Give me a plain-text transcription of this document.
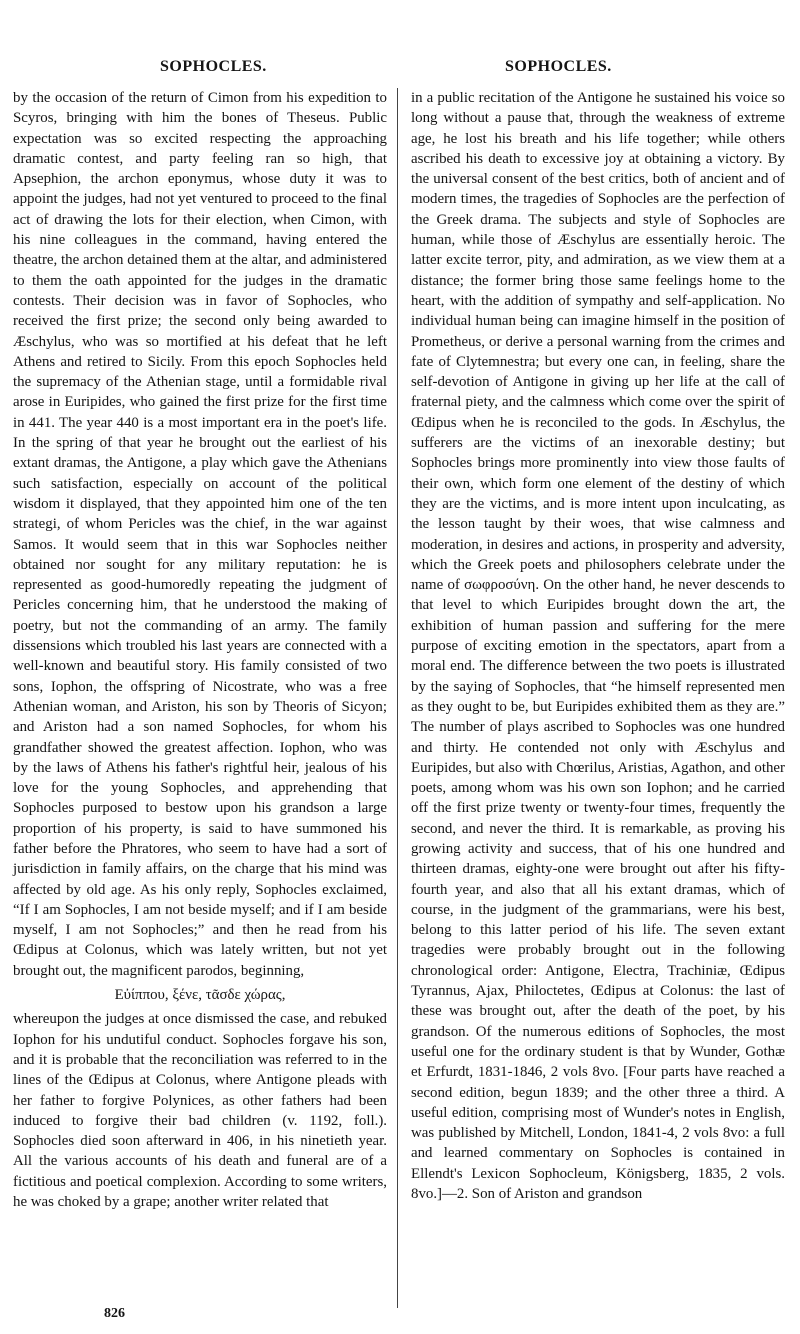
SOPHOCLES.	SOPHOCLES.

by the occasion of the return of Cimon from his expedition to Scyros, bringing with him the bones of Theseus. Public expectation was so excited respecting the approaching dramatic contest, and party feeling ran so high, that Apsephion, the archon eponymus, whose duty it was to appoint the judges, had not yet ventured to proceed to the final act of drawing the lots for their election, when Cimon, with his nine colleagues in the command, having entered the theatre, the archon detained them at the altar, and administered to them the oath appointed for the judges in the dramatic contests. Their decision was in favor of Sophocles, who received the first prize; the second only being awarded to Æschylus, who was so mortified at his defeat that he left Athens and retired to Sicily. From this epoch Sophocles held the supremacy of the Athenian stage, until a formidable rival arose in Euripides, who gained the first prize for the first time in 441. The year 440 is a most important era in the poet's life. In the spring of that year he brought out the earliest of his extant dramas, the Antigone, a play which gave the Athenians such satisfaction, especially on account of the political wisdom it displayed, that they appointed him one of the ten strategi, of whom Pericles was the chief, in the war against Samos. It would seem that in this war Sophocles neither obtained nor sought for any military reputation: he is represented as good-humoredly repeating the judgment of Pericles concerning him, that he understood the making of poetry, but not the commanding of an army. The family dissensions which troubled his last years are connected with a well-known and beautiful story. His family consisted of two sons, Iophon, the offspring of Nicostrate, who was a free Athenian woman, and Ariston, his son by Theoris of Sicyon; and Ariston had a son named Sophocles, for whom his grandfather showed the greatest affection. Iophon, who was by the laws of Athens his father's rightful heir, jealous of his love for the young Sophocles, and apprehending that Sophocles purposed to bestow upon his grandson a large proportion of his property, is said to have summoned his father before the Phratores, who seem to have had a sort of jurisdiction in family affairs, on the charge that his mind was affected by old age. As his only reply, Sophocles exclaimed, “If I am Sophocles, I am not beside myself; and if I am beside myself, I am not Sophocles;” and then he read from his Œdipus at Colonus, which was lately written, but not yet brought out, the magnificent parodos, beginning,

Εὐίππου, ξένε, τᾶσδε χώρας,

whereupon the judges at once dismissed the case, and rebuked Iophon for his undutiful conduct. Sophocles forgave his son, and it is probable that the reconciliation was referred to in the lines of the Œdipus at Colonus, where Antigone pleads with her father to forgive Polynices, as other fathers had been induced to forgive their bad children (v. 1192, foll.). Sophocles died soon afterward in 406, in his ninetieth year. All the various accounts of his death and funeral are of a fictitious and poetical complexion. According to some writers, he was choked by a grape; another writer related that

in a public recitation of the Antigone he sustained his voice so long without a pause that, through the weakness of extreme age, he lost his breath and his life together; while others ascribed his death to excessive joy at obtaining a victory. By the universal consent of the best critics, both of ancient and of modern times, the tragedies of Sophocles are the perfection of the Greek drama. The subjects and style of Sophocles are human, while those of Æschylus are essentially heroic. The latter excite terror, pity, and admiration, as we view them at a distance; the former bring those same feelings home to the heart, with the addition of sympathy and self-application. No individual human being can imagine himself in the position of Prometheus, or derive a personal warning from the crimes and fate of Clytemnestra; but every one can, in feeling, share the self-devotion of Antigone in giving up her life at the call of fraternal piety, and the calmness which come over the spirit of Œdipus when he is reconciled to the gods. In Æschylus, the sufferers are the victims of an inexorable destiny; but Sophocles brings more prominently into view those faults of their own, which form one element of the destiny of which they are the victims, and is more intent upon inculcating, as the lesson taught by their woes, that wise calmness and moderation, in desires and actions, in prosperity and adversity, which the Greek poets and philosophers celebrate under the name of σωφροσύνη. On the other hand, he never descends to that level to which Euripides brought down the art, the exhibition of human passion and suffering for the mere purpose of exciting emotion in the spectators, apart from a moral end. The difference between the two poets is illustrated by the saying of Sophocles, that “he himself represented men as they ought to be, but Euripides exhibited them as they are.” The number of plays ascribed to Sophocles was one hundred and thirty. He contended not only with Æschylus and Euripides, but also with Chœrilus, Aristias, Agathon, and other poets, among whom was his own son Iophon; and he carried off the first prize twenty or twenty-four times, frequently the second, and never the third. It is remarkable, as proving his growing activity and success, that of his one hundred and thirteen dramas, eighty-one were brought out after his fifty-fourth year, and also that all his extant dramas, which of course, in the judgment of the grammarians, were his best, belong to this latter period of his life. The seven extant tragedies were probably brought out in the following chronological order: Antigone, Electra, Trachiniæ, Œdipus Tyrannus, Ajax, Philoctetes, Œdipus at Colonus: the last of these was brought out, after the death of the poet, by his grandson. Of the numerous editions of Sophocles, the most useful one for the ordinary student is that by Wunder, Gothæ et Erfurdt, 1831-1846, 2 vols 8vo. [Four parts have reached a second edition, begun 1839; and the other three a third. A useful edition, comprising most of Wunder's notes in English, was published by Mitchell, London, 1841-4, 2 vols 8vo: a full and learned commentary on Sophocles is contained in Ellendt's Lexicon Sophocleum, Königsberg, 1835, 2 vols. 8vo.]—2. Son of Ariston and grandson

826
